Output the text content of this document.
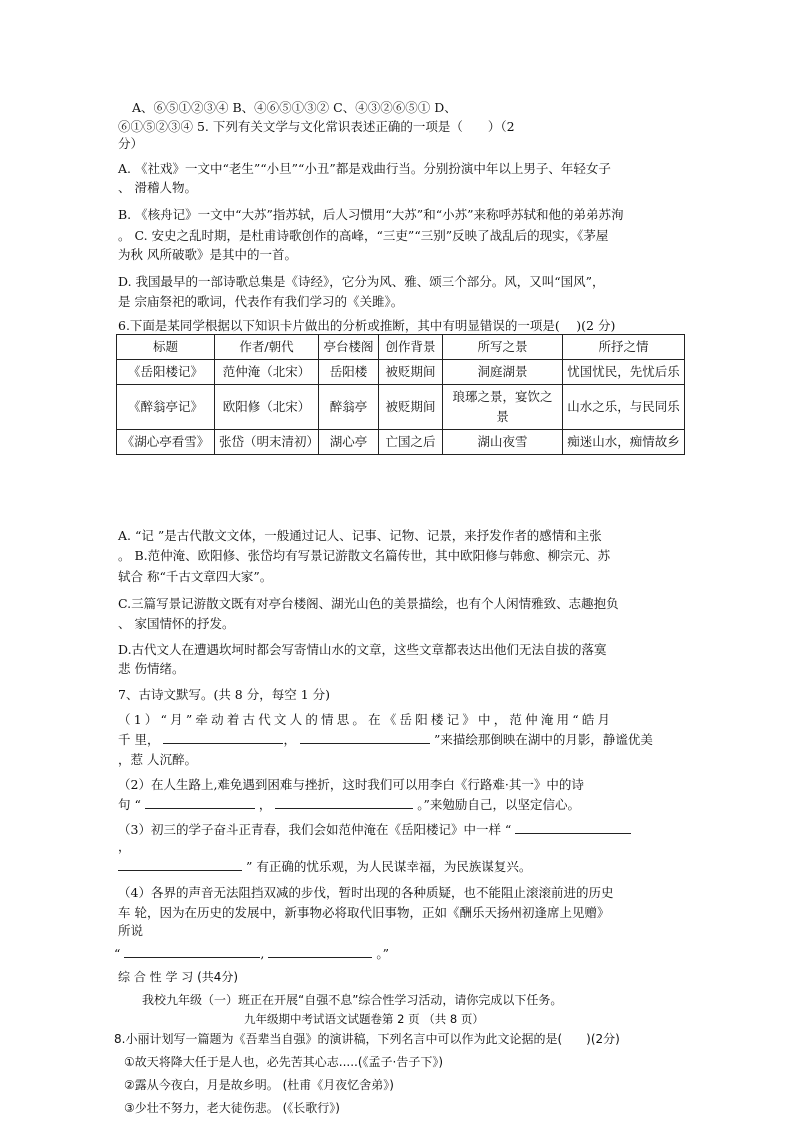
A、⑥⑤①②③④ B、④⑥⑤①③② C、④③②⑥⑤① D、
⑥①⑤②③④ 5. 下列有关文学与文化常识表述正确的一项是（　　）（2
分）
A. 《社戏》一文中“老生”“小旦”“小丑”都是戏曲行当。分别扮演中年以上男子、年轻女子
、 滑稽人物。
B. 《核舟记》一文中“大苏”指苏轼，后人习惯用“大苏”和“小苏”来称呼苏轼和他的弟弟苏洵
。 C. 安史之乱时期，是杜甫诗歌创作的高峰，“三吏”“三别”反映了战乱后的现实，《茅屋
为秋 风所破歌》是其中的一首。
D. 我国最早的一部诗歌总集是《诗经》，它分为风、雅、颂三个部分。风，又叫“国风”，
是 宗庙祭祀的歌词，代表作有我们学习的《关雎》。
6.下面是某同学根据以下知识卡片做出的分析或推断，其中有明显错误的一项是(　 )(2 分)
标题	作者/朝代	亭台楼阁	创作背景	所写之景	所抒之情
《岳阳楼记》	范仲淹（北宋）	岳阳楼	被贬期间	洞庭湖景	忧国忧民，先忧后乐
《醉翁亭记》	欧阳修（北宋）	醉翁亭	被贬期间	琅琊之景，宴饮之景	山水之乐，与民同乐
《湖心亭看雪》	张岱（明末清初）	湖心亭	亡国之后	湖山夜雪	痴迷山水，痴情故乡
A. “记 ”是古代散文文体，一般通过记人、记事、记物、记景，来抒发作者的感情和主张
。 B.范仲淹、欧阳修、张岱均有写景记游散文名篇传世，其中欧阳修与韩愈、柳宗元、苏
轼合 称“千古文章四大家”。
C.三篇写景记游散文既有对亭台楼阁、湖光山色的美景描绘，也有个人闲情雅致、志趣抱负
、 家国情怀的抒发。
D.古代文人在遭遇坎坷时都会写寄情山水的文章，这些文章都表达出他们无法自拔的落寞
悲 伤情绪。
7、古诗文默写。(共 8 分，每空 1 分)
（1）“月”牵动着古代文人的情思。在《岳阳楼记》中，范仲淹用“皓月
千 里，	，	”来描绘那倒映在湖中的月影，静谧优美
，惹 人沉醉。
（2）在人生路上,难免遇到困难与挫折，这时我们可以用李白《行路难·其一》中的诗
句 “	，	。”来勉励自己，以坚定信心。
（3）初三的学子奋斗正青春，我们会如范仲淹在《岳阳楼记》中一样 “
，
” 有正确的忧乐观，为人民谋幸福，为民族谋复兴。
（4）各界的声音无法阻挡双减的步伐，暂时出现的各种质疑，也不能阻止滚滚前进的历史
车 轮，因为在历史的发展中，新事物必将取代旧事物，正如《酬乐天扬州初逢席上见赠》
所说
“	,	。”
综 合 性 学 习 (共4分)
我校九年级（一）班正在开展“自强不息”综合性学习活动，请你完成以下任务。
九年级期中考试语文试题卷第 2 页 （共 8 页）
8.小丽计划写一篇题为《吾辈当自强》的演讲稿，下列名言中可以作为此文论据的是(　　)(2分)
①故天将降大任于是人也，必先苦其心志.....(《孟子·告子下》)
②露从今夜白，月是故乡明。 (杜甫《月夜忆舍弟》)
③少壮不努力，老大徒伤悲。 (《长歌行》)
